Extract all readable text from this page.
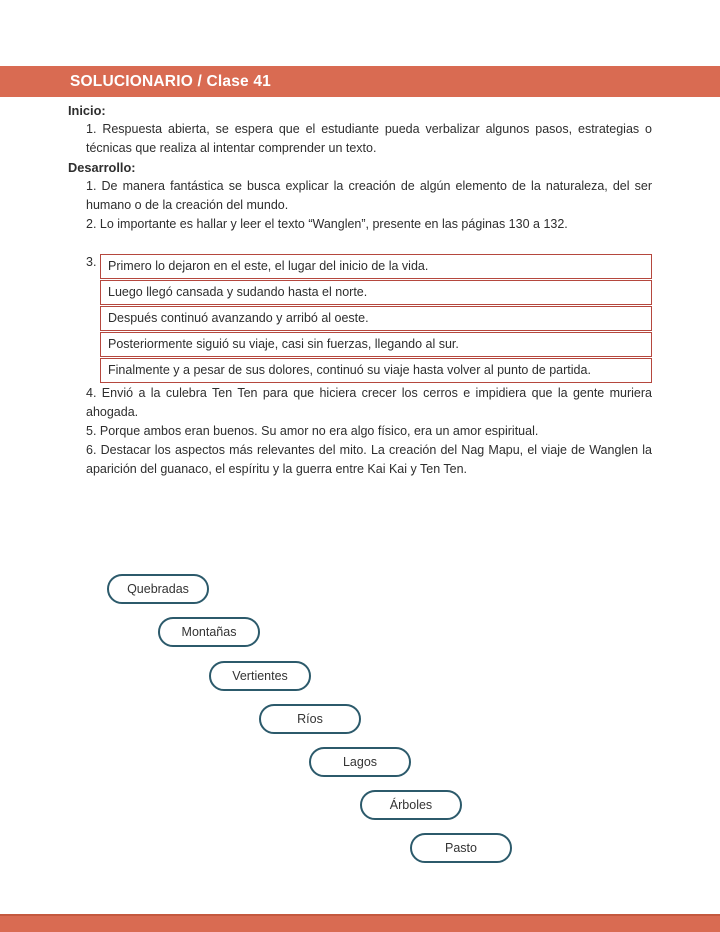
SOLUCIONARIO / Clase 41
Inicio:

1. Respuesta abierta, se espera que el estudiante pueda verbalizar algunos pasos, estrategias o técnicas que realiza al intentar comprender un texto.

Desarrollo:

1. De manera fantástica se busca explicar la creación de algún elemento de la naturaleza, del ser humano o de la creación del mundo.

2. Lo importante es hallar y leer el texto “Wanglen”, presente en las páginas 130 a 132.

3. Primero lo dejaron en el este, el lugar del inicio de la vida.
Luego llegó cansada y sudando hasta el norte.
Después continuó avanzando y arribó al oeste.
Posteriormente siguió su viaje, casi sin fuerzas, llegando al sur.
Finalmente y a pesar de sus dolores, continuó su viaje hasta volver al punto de partida.

4. Envió a la culebra Ten Ten para que hiciera crecer los cerros e impidiera que la gente muriera ahogada.

5. Porque ambos eran buenos. Su amor no era algo físico, era un amor espiritual.

6. Destacar los aspectos más relevantes del mito. La creación del Nag Mapu, el viaje de Wanglen la aparición del guanaco, el espíritu y la guerra entre Kai Kai y Ten Ten.

Quebradas
Montañas
Vertientes
Ríos
Lagos
Árboles
Pasto
